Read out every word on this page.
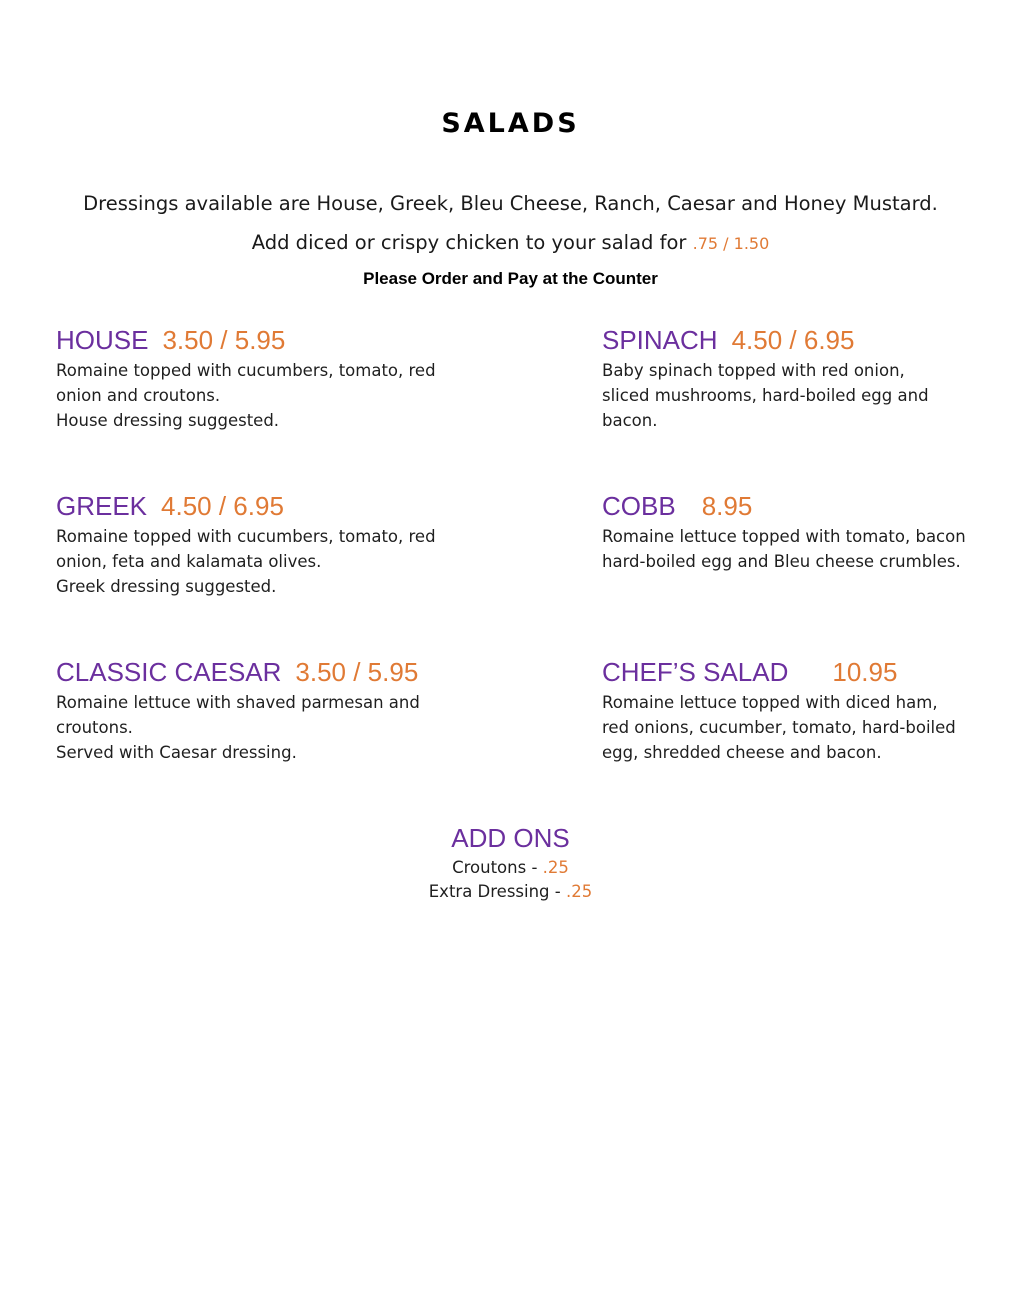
SALADS

Dressings available are House, Greek, Bleu Cheese, Ranch, Caesar and Honey Mustard.

Add diced or crispy chicken to your salad for .75 / 1.50

Please Order and Pay at the Counter

HOUSE 3.50 / 5.95

Romaine topped with cucumbers, tomato, red
onion and croutons.
House dressing suggested.

SPINACH 4.50 / 6.95

Baby spinach topped with red onion,
sliced mushrooms, hard-boiled egg and
bacon.

GREEK 4.50 / 6.95

Romaine topped with cucumbers, tomato, red
onion, feta and kalamata olives.
Greek dressing suggested.

COBB 8.95

Romaine lettuce topped with tomato, bacon
hard-boiled egg and Bleu cheese crumbles.

CLASSIC CAESAR 3.50 / 5.95

Romaine lettuce with shaved parmesan and
croutons.
Served with Caesar dressing.

CHEF’S SALAD 10.95

Romaine lettuce topped with diced ham,
red onions, cucumber, tomato, hard-boiled
egg, shredded cheese and bacon.

ADD ONS

Croutons - .25

Extra Dressing - .25
